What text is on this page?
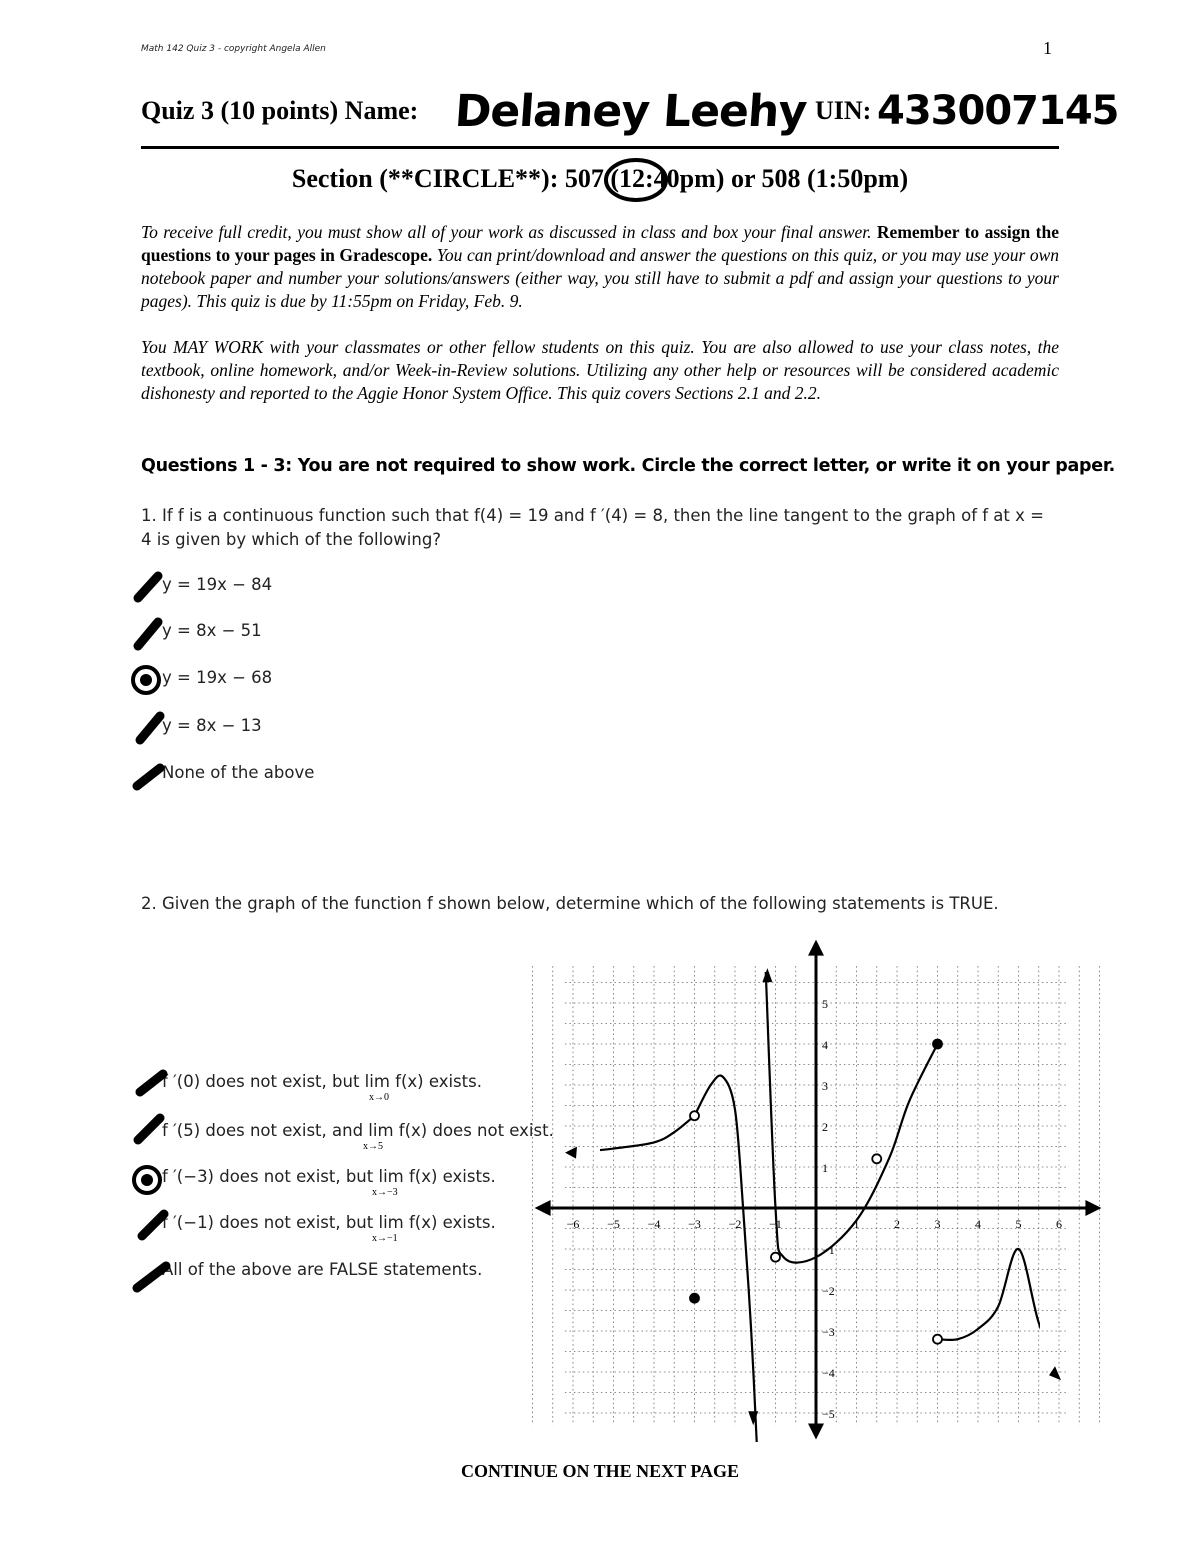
Math 142 Quiz 3 - copyright Angela Allen	1
Quiz 3 (10 points) Name: Delaney Leehy UIN: 433007145
Section (**CIRCLE**): 507 (12:40pm) or 508 (1:50pm)
To receive full credit, you must show all of your work as discussed in class and box your final answer. Remember to assign the questions to your pages in Gradescope. You can print/download and answer the questions on this quiz, or you may use your own notebook paper and number your solutions/answers (either way, you still have to submit a pdf and assign your questions to your pages). This quiz is due by 11:55pm on Friday, Feb. 9.
You MAY WORK with your classmates or other fellow students on this quiz. You are also allowed to use your class notes, the textbook, online homework, and/or Week-in-Review solutions. Utilizing any other help or resources will be considered academic dishonesty and reported to the Aggie Honor System Office. This quiz covers Sections 2.1 and 2.2.
Questions 1 - 3: You are not required to show work. Circle the correct letter, or write it on your paper.
1. If f is a continuous function such that f(4) = 19 and f ′(4) = 8, then the line tangent to the graph of f at x = 4 is given by which of the following?
y = 19x − 84
y = 8x − 51
y = 19x − 68
y = 8x − 13
None of the above
2. Given the graph of the function f shown below, determine which of the following statements is TRUE.
f ′(0) does not exist, but lim f(x) exists.
f ′(5) does not exist, and lim f(x) does not exist.
f ′(−3) does not exist, but lim f(x) exists.
f ′(−1) does not exist, but lim f(x) exists.
All of the above are FALSE statements.
x→0
x→5
x→−3
x→−1
−6 −5 −4 −3 −2 −1	1	2	3	4	5	6
−5
−4
−3
−2
−1
1
2
3
4
5
CONTINUE ON THE NEXT PAGE
